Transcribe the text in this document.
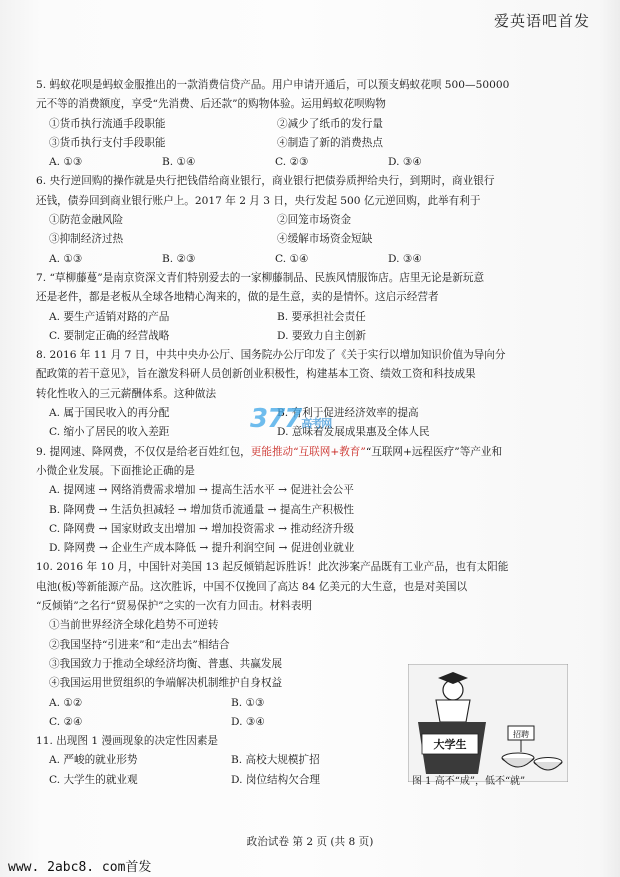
爱英语吧首发
5. 蚂蚁花呗是蚂蚁金服推出的一款消费信贷产品。用户申请开通后，可以预支蚂蚁花呗 500—50000
元不等的消费额度，享受“先消费、后还款”的购物体验。运用蚂蚁花呗购物
①货币执行流通手段职能	②减少了纸币的发行量
③货币执行支付手段职能	④制造了新的消费热点
A. ①③	B. ①④	C. ②③	D. ③④
6. 央行逆回购的操作就是央行把钱借给商业银行，商业银行把债券质押给央行，到期时，商业银行
还钱，债券回到商业银行账户上。2017 年 2 月 3 日，央行发起 500 亿元逆回购，此举有利于
①防范金融风险	②回笼市场资金
③抑制经济过热	④缓解市场资金短缺
A. ①③	B. ②③	C. ①④	D. ③④
7. “草柳藤蔓”是南京资深文青们特别爱去的一家柳藤制品、民族风情服饰店。店里无论是新玩意
还是老件，都是老板从全球各地精心淘来的，做的是生意，卖的是情怀。这启示经营者
A. 要生产适销对路的产品	B. 要承担社会责任
C. 要制定正确的经营战略	D. 要致力自主创新
8. 2016 年 11 月 7 日，中共中央办公厅、国务院办公厅印发了《关于实行以增加知识价值为导向分
配政策的若干意见》，旨在激发科研人员创新创业积极性，构建基本工资、绩效工资和科技成果
转化性收入的三元薪酬体系。这种做法
A. 属于国民收入的再分配	B. 有利于促进经济效率的提高
C. 缩小了居民的收入差距	D. 意味着发展成果惠及全体人民
9. 提网速、降网费，不仅仅是给老百姓红包，更能推动“互联网+教育”“互联网+远程医疗”等产业和
小微企业发展。下面推论正确的是
A. 提网速 → 网络消费需求增加 → 提高生活水平 → 促进社会公平
B. 降网费 → 生活负担减轻 → 增加货币流通量 → 提高生产积极性
C. 降网费 → 国家财政支出增加 → 增加投资需求 → 推动经济升级
D. 降网费 → 企业生产成本降低 → 提升利润空间 → 促进创业就业
10. 2016 年 10 月，中国针对美国 13 起反倾销起诉胜诉！此次涉案产品既有工业产品，也有太阳能
电池(板)等新能源产品。这次胜诉，中国不仅挽回了高达 84 亿美元的大生意，也是对美国以
“反倾销”之名行“贸易保护”之实的一次有力回击。材料表明
①当前世界经济全球化趋势不可逆转
②我国坚持“引进来”和“走出去”相结合
③我国致力于推动全球经济均衡、普惠、共赢发展
④我国运用世贸组织的争端解决机制维护自身权益
A. ①②	B. ①③
C. ②④	D. ③④
11. 出现图 1 漫画现象的决定性因素是
A. 严峻的就业形势	B. 高校大规模扩招
C. 大学生的就业观	D. 岗位结构欠合理
377高考网
大学生
招聘
图 1 高不“成”，低不“就”
政治试卷 第 2 页 (共 8 页)
www. 2abc8. com首发
